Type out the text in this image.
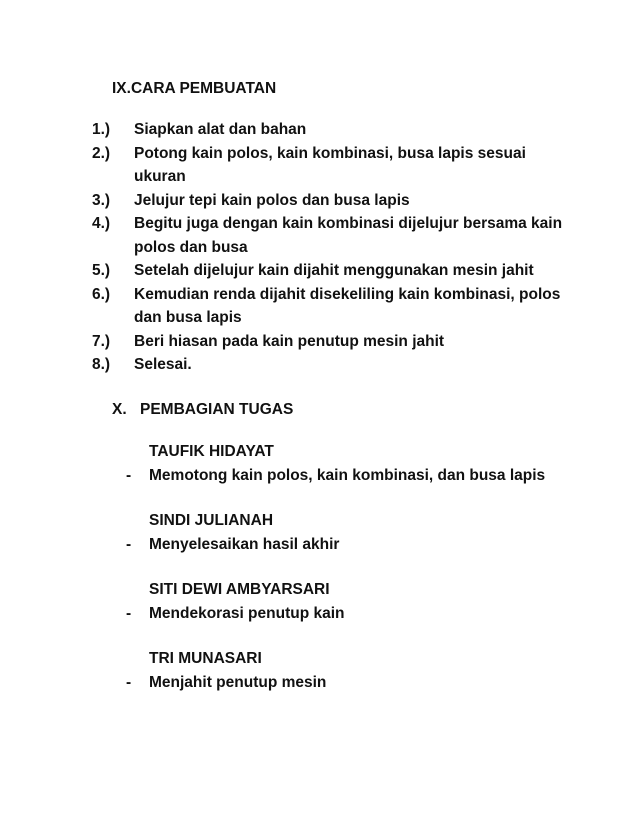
IX.CARA PEMBUATAN
1.) Siapkan alat dan bahan
2.) Potong kain polos, kain kombinasi, busa lapis sesuai ukuran
3.) Jelujur tepi kain polos dan busa lapis
4.) Begitu juga dengan kain kombinasi dijelujur bersama kain polos dan busa
5.) Setelah dijelujur kain dijahit menggunakan mesin jahit
6.) Kemudian renda dijahit disekeliling kain kombinasi, polos dan busa lapis
7.) Beri hiasan pada kain penutup mesin jahit
8.) Selesai.
X. PEMBAGIAN TUGAS
TAUFIK HIDAYAT
- Memotong kain polos, kain kombinasi, dan busa lapis
SINDI JULIANAH
- Menyelesaikan hasil akhir
SITI DEWI AMBYARSARI
- Mendekorasi penutup kain
TRI MUNASARI
- Menjahit penutup mesin
